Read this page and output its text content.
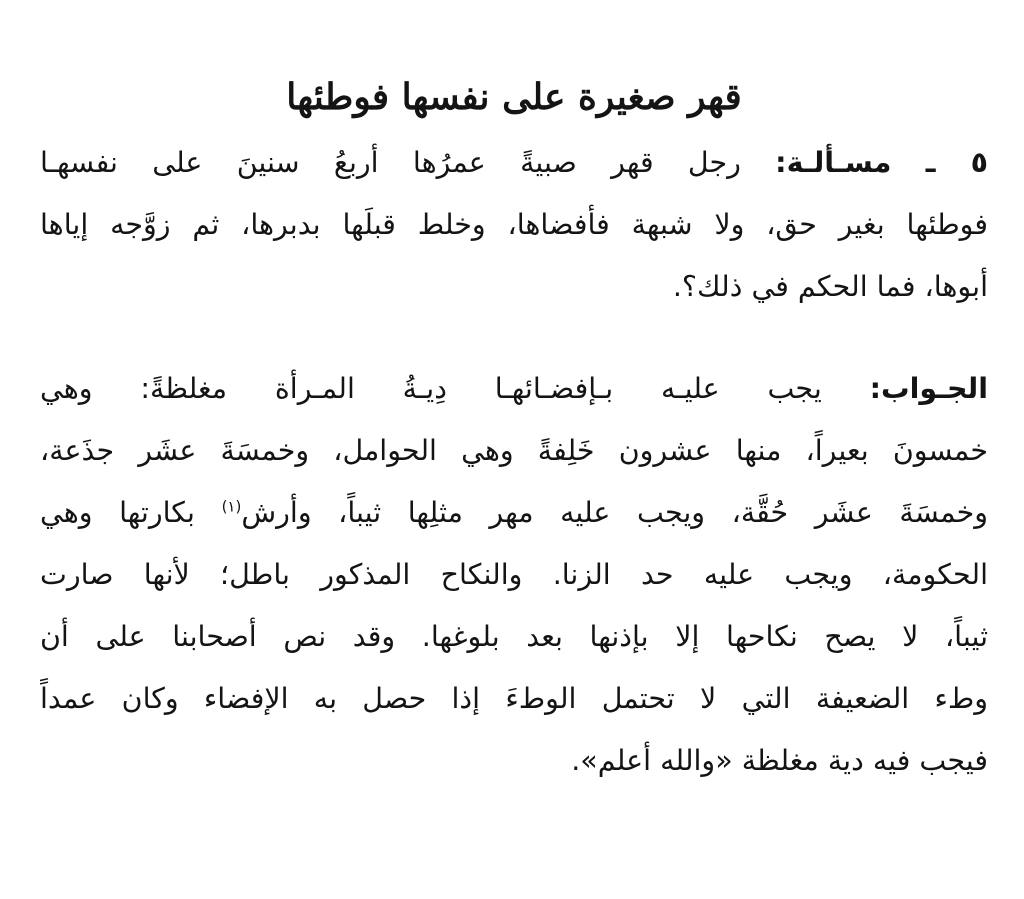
قهر صغيرة على نفسها فوطئها
٥ ـ مسـألـة: رجل قهر صبيةً عمرُها أربعُ سنينَ على نفسهـا
فوطئها بغير حق، ولا شبهة فأفضاها، وخلط قبلَها بدبرها، ثم زوَّجه إياها
أبوها، فما الحكم في ذلك؟.
الجـواب: يجب عليـه بـإفضـائهـا دِيـةُ المـرأة مغلظةً: وهي
خمسونَ بعيراً، منها عشرون خَلِفةً وهي الحوامل، وخمسَةَ عشَر جذَعة،
وخمسَةَ عشَر حُقَّة، ويجب عليه مهر مثلِها ثيباً، وأرش$^{(١)}$ بكارتها وهي
الحكومة، ويجب عليه حد الزنا. والنكاح المذكور باطل؛ لأنها صارت
ثيباً، لا يصح نكاحها إلا بإذنها بعد بلوغها. وقد نص أصحابنا على أن
وطء الضعيفة التي لا تحتمل الوطءَ إذا حصل به الإفضاء وكان عمداً
فيجب فيه دية مغلظة «والله أعلم».
